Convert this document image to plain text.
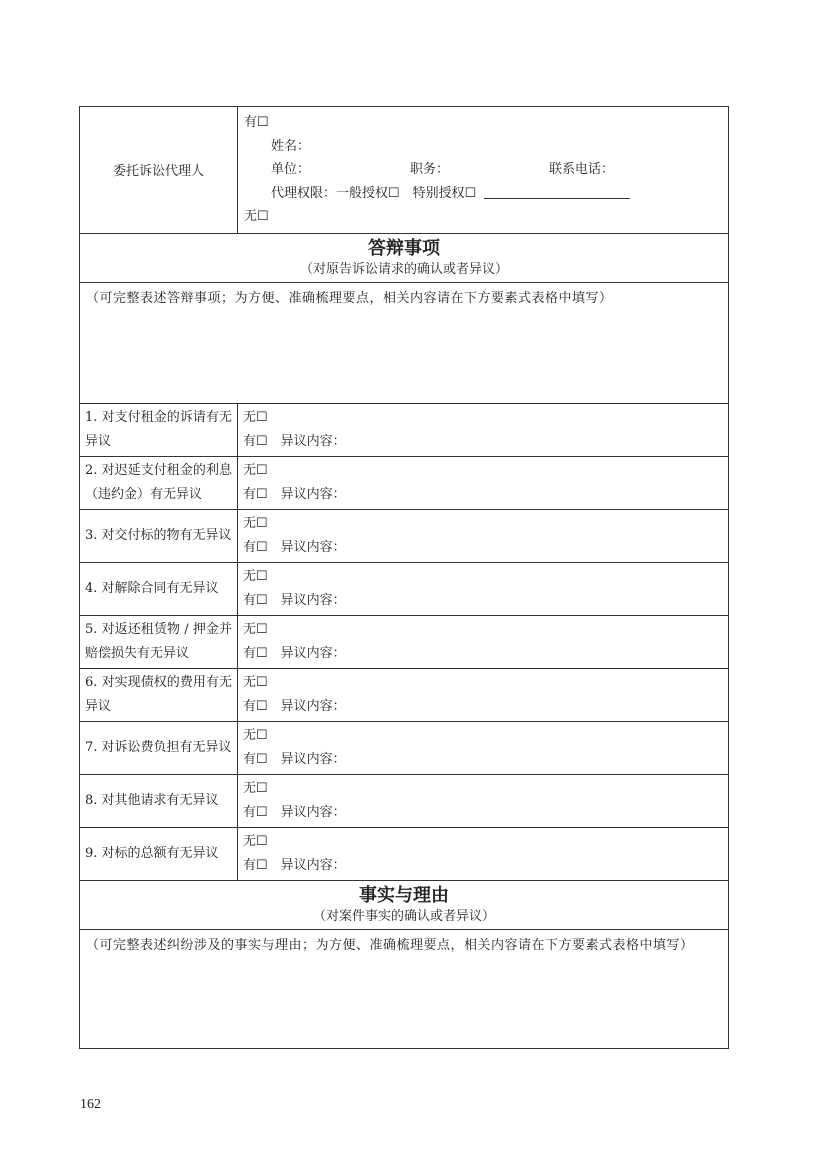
委托诉讼代理人	有☐
姓名：
单位： 职务： 联系电话：
代理权限：一般授权☐　特别授权☐
无☐

答辩事项
（对原告诉讼请求的确认或者异议）	

（可完整表述答辩事项；为方便、准确梳理要点，相关内容请在下方要素式表格中填写）	
1. 对支付租金的诉请有无异议	无☐
有☐　 异议内容：

2. 对迟延支付租金的利息（违约金）有无异议	无☐
有☐　 异议内容：

3. 对交付标的物有无异议	无☐
有☐　 异议内容：

4. 对解除合同有无异议	无☐
有☐　 异议内容：

5. 对返还租赁物 / 押金并赔偿损失有无异议	无☐
有☐　 异议内容：

6. 对实现债权的费用有无异议	无☐
有☐　 异议内容：

7. 对诉讼费负担有无异议	无☐
有☐　 异议内容：

8. 对其他请求有无异议	无☐
有☐　 异议内容：

9. 对标的总额有无异议	无☐
有☐　 异议内容：

事实与理由
（对案件事实的确认或者异议）	

（可完整表述纠纷涉及的事实与理由；为方便、准确梳理要点，相关内容请在下方要素式表格中填写）	
162
